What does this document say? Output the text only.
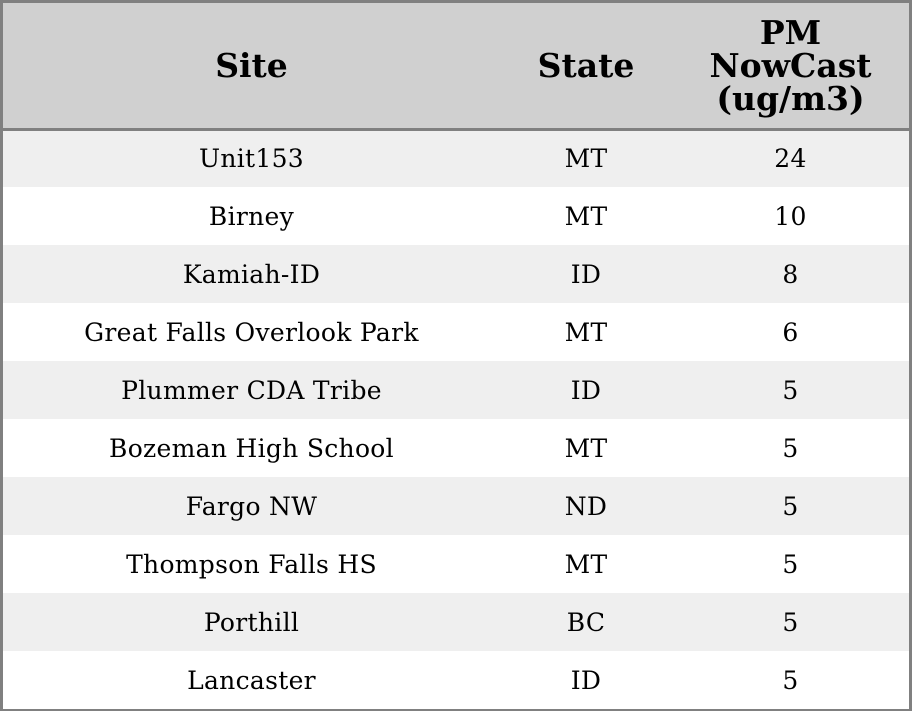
Site	State	PM
NowCast
(ug/m3)

Unit153	MT	24
Birney	MT	10
Kamiah-ID	ID	8
Great Falls Overlook Park	MT	6
Plummer CDA Tribe	ID	5
Bozeman High School	MT	5
Fargo NW	ND	5
Thompson Falls HS	MT	5
Porthill	BC	5
Lancaster	ID	5
